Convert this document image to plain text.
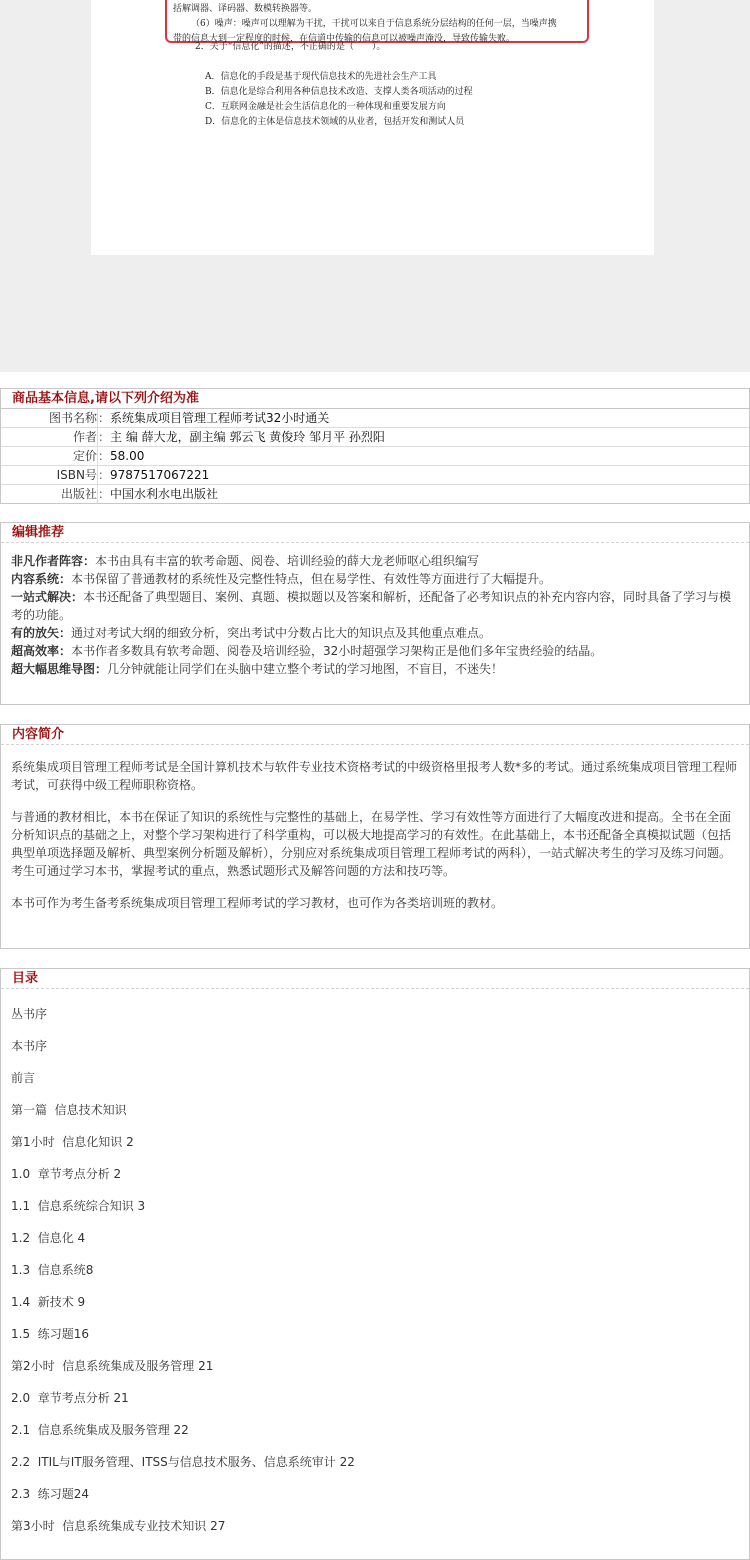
括解调器、译码器、数模转换器等。
（6）噪声：噪声可以理解为干扰，干扰可以来自于信息系统分层结构的任何一层，当噪声携
带的信息大到一定程度的时候，在信道中传输的信息可以被噪声淹没，导致传输失败。
2．关于“信息化”的描述，不正确的是（　　）。
A．信息化的手段是基于现代信息技术的先进社会生产工具
B．信息化是综合利用各种信息技术改造、支撑人类各项活动的过程
C．互联网金融是社会生活信息化的一种体现和重要发展方向
D．信息化的主体是信息技术领域的从业者，包括开发和测试人员
商品基本信息,请以下列介绍为准
图书名称	：	系统集成项目管理工程师考试32小时通关
作者	：	主 编 薛大龙，副主编 郭云飞 黄俊玲 邹月平 孙烈阳
定价	：	58.00
ISBN号	：	9787517067221
出版社	：	中国水利水电出版社
编辑推荐
非凡作者阵容：本书由具有丰富的软考命题、阅卷、培训经验的薛大龙老师呕心组织编写
内容系统：本书保留了普通教材的系统性及完整性特点，但在易学性、有效性等方面进行了大幅提升。
一站式解决：本书还配备了典型题目、案例、真题、模拟题以及答案和解析，还配备了必考知识点的补充内容内容，同时具备了学习与模考的功能。
有的放矢：通过对考试大纲的细致分析，突出考试中分数占比大的知识点及其他重点难点。
超高效率：本书作者多数具有软考命题、阅卷及培训经验，32小时超强学习架构正是他们多年宝贵经验的结晶。
超大幅思维导图：几分钟就能让同学们在头脑中建立整个考试的学习地图，不盲目，不迷失！
内容简介

系统集成项目管理工程师考试是全国计算机技术与软件专业技术资格考试的中级资格里报考人数*多的考试。通过系统集成项目管理工程师考试，可获得中级工程师职称资格。

与普通的教材相比，本书在保证了知识的系统性与完整性的基础上，在易学性、学习有效性等方面进行了大幅度改进和提高。全书在全面分析知识点的基础之上，对整个学习架构进行了科学重构，可以极大地提高学习的有效性。在此基础上，本书还配备全真模拟试题（包括典型单项选择题及解析、典型案例分析题及解析），分别应对系统集成项目管理工程师考试的两科），一站式解决考生的学习及练习问题。考生可通过学习本书，掌握考试的重点，熟悉试题形式及解答问题的方法和技巧等。

本书可作为考生备考系统集成项目管理工程师考试的学习教材，也可作为各类培训班的教材。

目录
丛书序
本书序
前言
第一篇  信息技术知识
第1小时  信息化知识 2
1.0  章节考点分析 2
1.1  信息系统综合知识 3
1.2  信息化 4
1.3  信息系统8
1.4  新技术 9
1.5  练习题16
第2小时  信息系统集成及服务管理 21
2.0  章节考点分析 21
2.1  信息系统集成及服务管理 22
2.2  ITIL与IT服务管理、ITSS与信息技术服务、信息系统审计 22
2.3  练习题24
第3小时  信息系统集成专业技术知识 27
